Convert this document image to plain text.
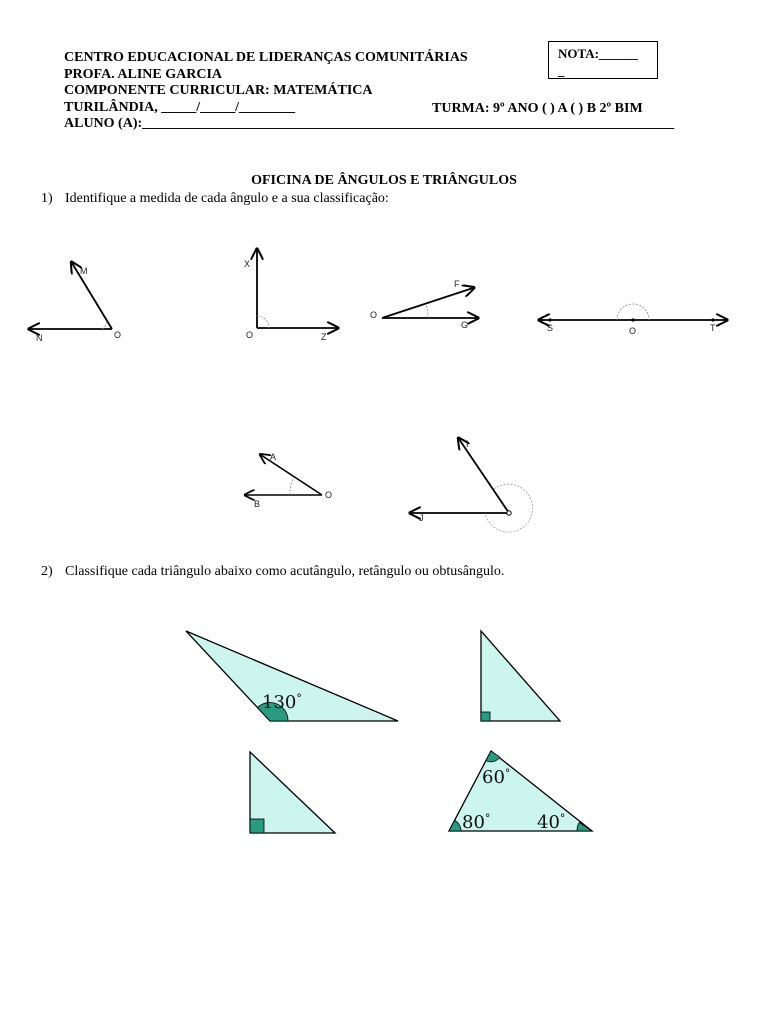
CENTRO EDUCACIONAL DE LIDERANÇAS COMUNITÁRIAS
PROFA. ALINE GARCIA
COMPONENTE CURRICULAR: MATEMÁTICA
TURILÂNDIA, _____/_____/________
ALUNO (A):____________________________________________________________________________
TURMA: 9º ANO ( ) A ( ) B 2º BIM
NOTA:______
_
OFICINA DE ÂNGULOS E TRIÂNGULOS
1) Identifique a medida de cada ângulo e a sua classificação:
2) Classifique cada triângulo abaixo como acutângulo, retângulo ou obtusângulo.
M
N	O
X
Z
O
F
G
O
S	T
O
A
B
O
I
J
130°
60°
80°	40°
